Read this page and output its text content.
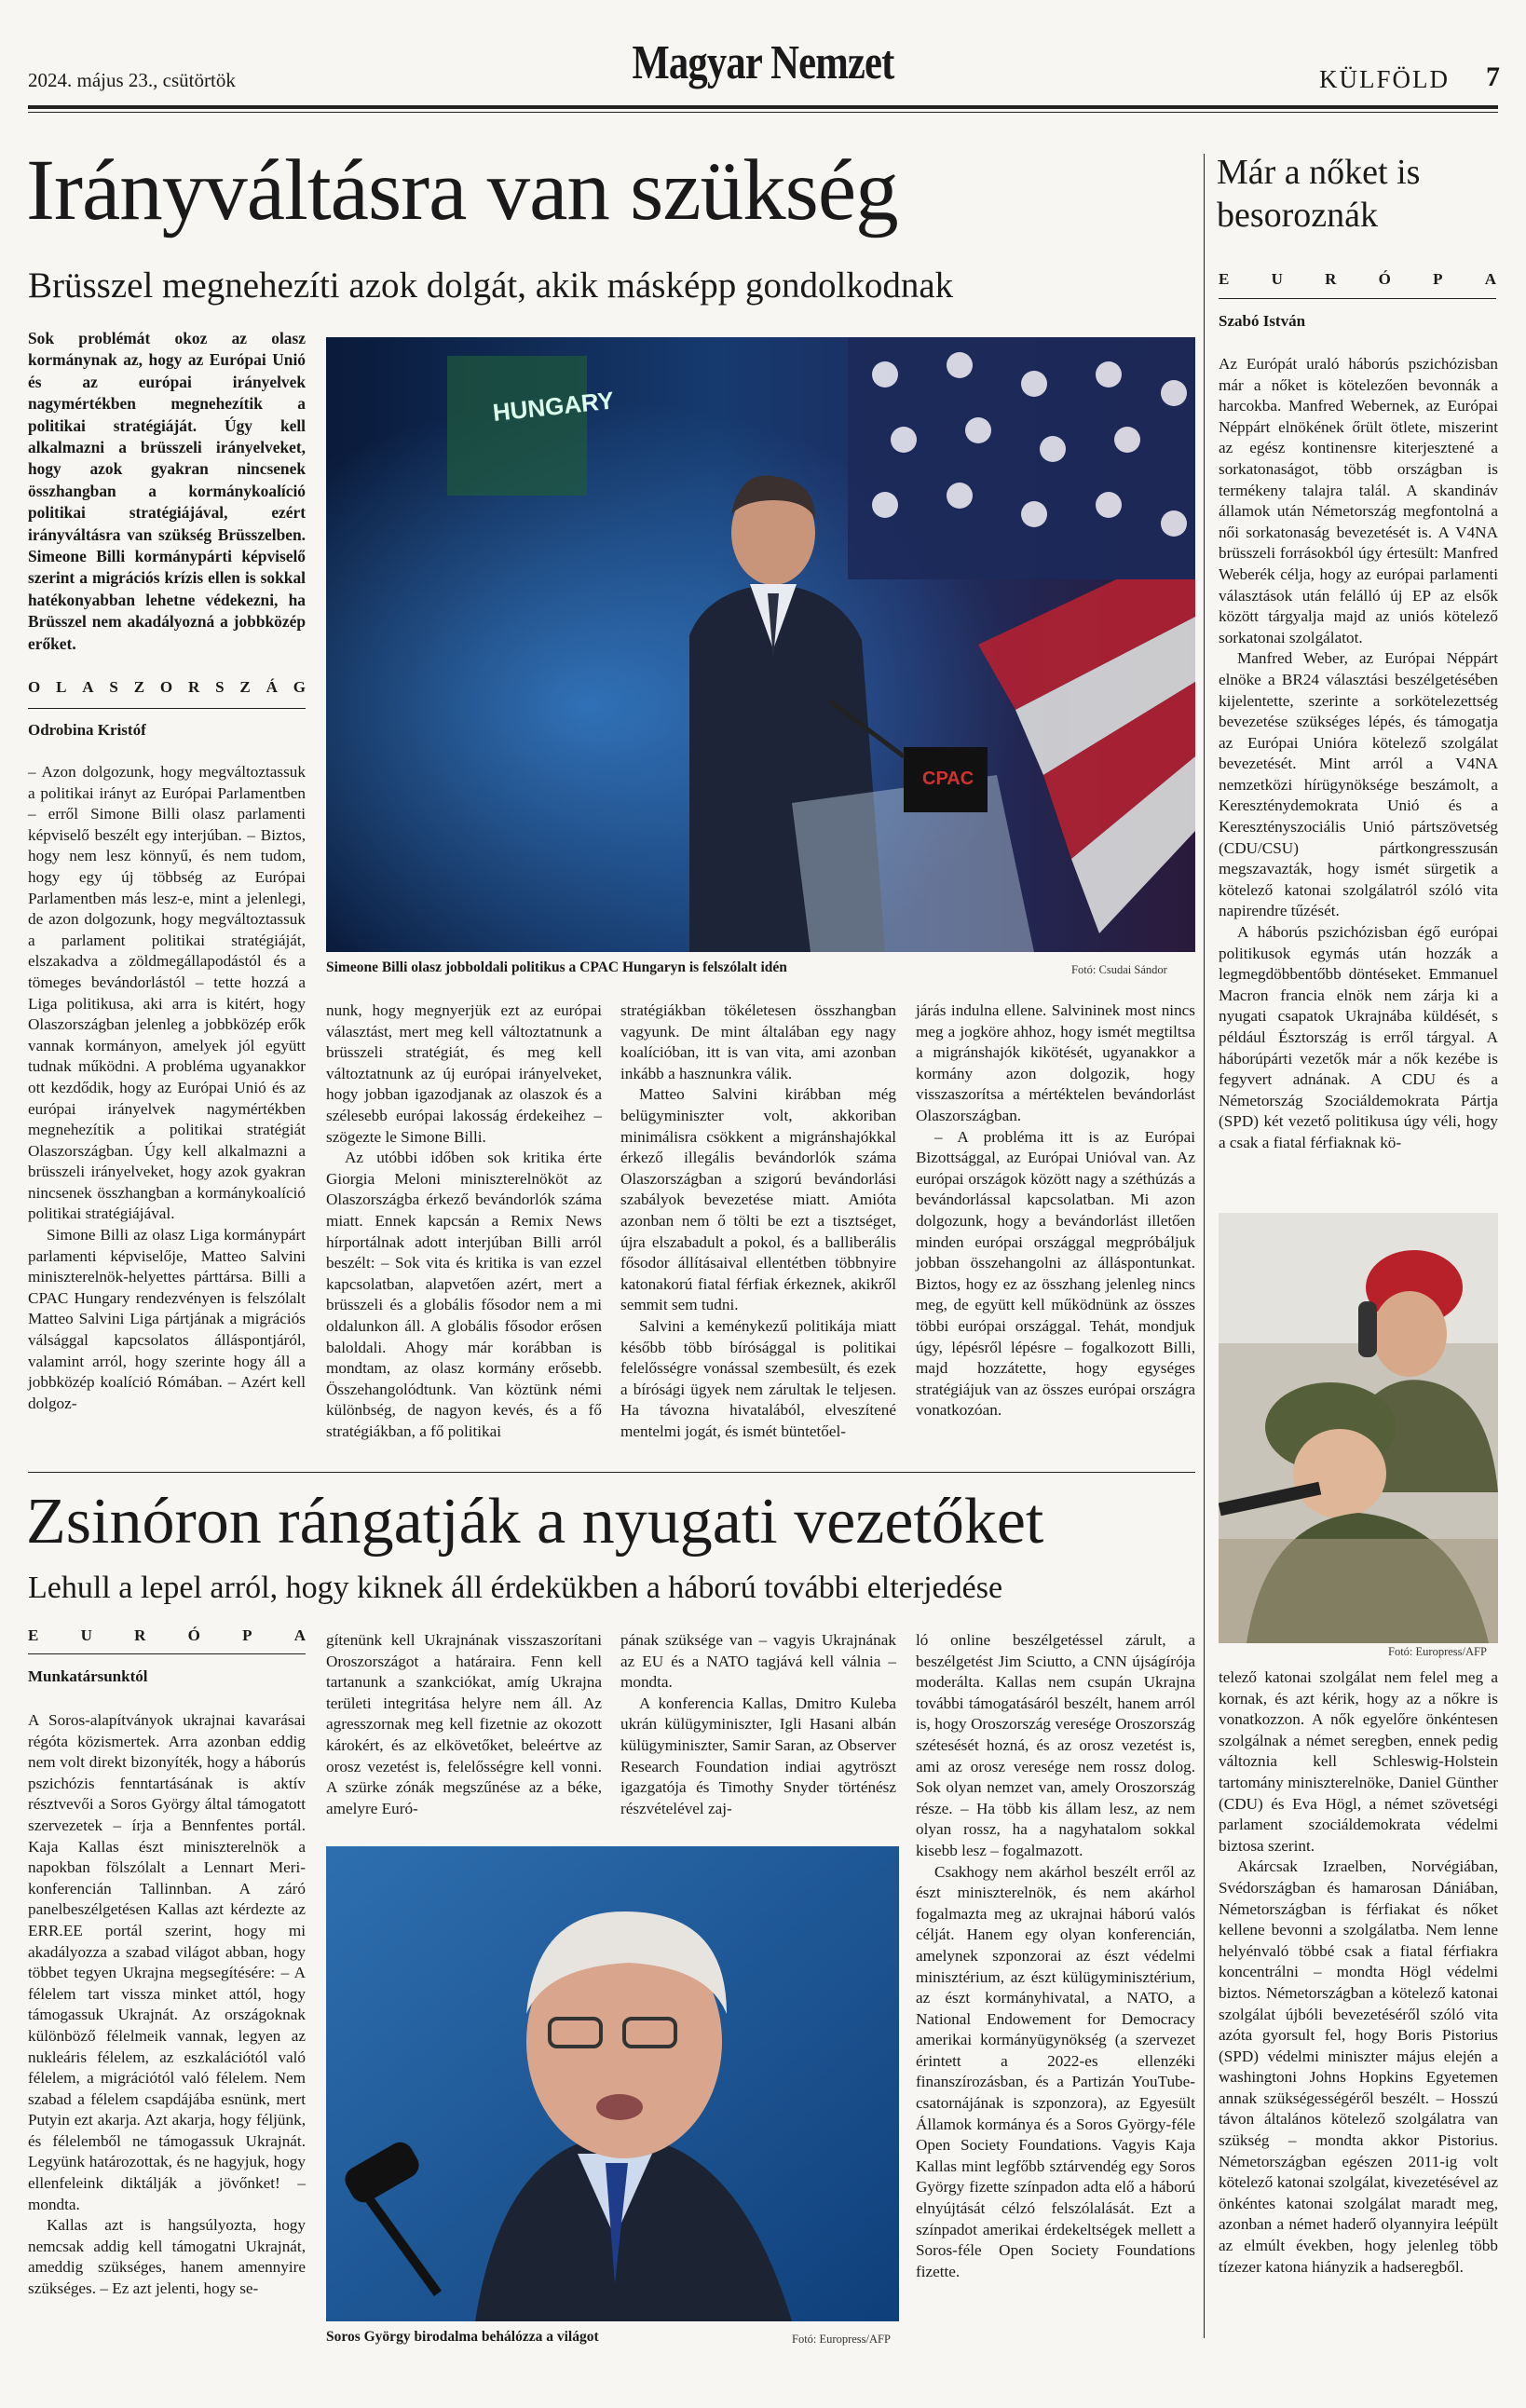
2024. május 23., csütörtök	Magyar Nemzet	KÜLFÖLD 7
Irányváltásra van szükség
Brüsszel megnehezíti azok dolgát, akik másképp gondolkodnak
Sok problémát okoz az olasz kormánynak az, hogy az Európai Unió és az európai irányelvek nagymértékben megnehezítik a politikai stratégiáját. Úgy kell alkalmazni a brüsszeli irányelveket, hogy azok gyakran nincsenek összhangban a kormánykoalíció politikai stratégiájával, ezért irányváltásra van szükség Brüsszelben. Simeone Billi kormánypárti képviselő szerint a migrációs krízis ellen is sokkal hatékonyabban lehetne védekezni, ha Brüsszel nem akadályozná a jobbközép erőket.
O L A S Z O R S Z Á G
Odrobina Kristóf

– Azon dolgozunk, hogy megváltoztassuk a politikai irányt az Európai Parlamentben – erről Simone Billi olasz parlamenti képviselő beszélt egy interjúban. – Biztos, hogy nem lesz könnyű, és nem tudom, hogy egy új többség az Európai Parlamentben más lesz-e, mint a jelenlegi, de azon dolgozunk, hogy megváltoztassuk a parlament politikai stratégiáját, elszakadva a zöldmegállapodástól és a tömeges bevándorlástól – tette hozzá a Liga politikusa, aki arra is kitért, hogy Olaszországban jelenleg a jobbközép erők vannak kormányon, amelyek jól együtt tudnak működni. A probléma ugyanakkor ott kezdődik, hogy az Európai Unió és az európai irányelvek nagymértékben megnehezítik a politikai stratégiát Olaszországban. Úgy kell alkalmazni a brüsszeli irányelveket, hogy azok gyakran nincsenek összhangban a kormánykoalíció politikai stratégiájával.

Simone Billi az olasz Liga kormánypárt parlamenti képviselője, Matteo Salvini miniszterelnök-helyettes párttársa. Billi a CPAC Hungary rendezvényen is felszólalt Matteo Salvini Liga pártjának a migrációs válsággal kapcsolatos álláspontjáról, valamint arról, hogy szerinte hogy áll a jobbközép koalíció Rómában. – Azért kell dolgoz-

HUNGARY
CPAC
Simeone Billi olasz jobboldali politikus a CPAC Hungaryn is felszólalt idén	Fotó: Csudai Sándor

nunk, hogy megnyerjük ezt az európai választást, mert meg kell változtatnunk a brüsszeli stratégiát, és meg kell változtatnunk az új európai irányelveket, hogy jobban igazodjanak az olaszok és a szélesebb európai lakosság érdekeihez – szögezte le Simone Billi.

Az utóbbi időben sok kritika érte Giorgia Meloni miniszterelnököt az Olaszországba érkező bevándorlók száma miatt. Ennek kapcsán a Remix News hírportálnak adott interjúban Billi arról beszélt: – Sok vita és kritika is van ezzel kapcsolatban, alapvetően azért, mert a brüsszeli és a globális fősodor nem a mi oldalunkon áll. A globális fősodor erősen baloldali. Ahogy már korábban is mondtam, az olasz kormány erősebb. Összehangolódtunk. Van köztünk némi különbség, de nagyon kevés, és a fő stratégiákban, a fő politikai

stratégiákban tökéletesen összhangban vagyunk. De mint általában egy nagy koalícióban, itt is van vita, ami azonban inkább a hasznunkra válik.

Matteo Salvini kirábban még belügyminiszter volt, akkoriban minimálisra csökkent a migránshajókkal érkező illegális bevándorlók száma Olaszországban a szigorú bevándorlási szabályok bevezetése miatt. Amióta azonban nem ő tölti be ezt a tisztséget, újra elszabadult a pokol, és a balliberális fősodor állításaival ellentétben többnyire katonakorú fiatal férfiak érkeznek, akikről semmit sem tudni.

Salvini a keménykezű politikája miatt később több bírósággal is politikai felelősségre vonással szembesült, és ezek a bírósági ügyek nem zárultak le teljesen. Ha távozna hivatalából, elveszítené mentelmi jogát, és ismét büntetőel-

járás indulna ellene. Salvininek most nincs meg a jogköre ahhoz, hogy ismét megtiltsa a migránshajók kikötését, ugyanakkor a kormány azon dolgozik, hogy visszaszorítsa a mértéktelen bevándorlást Olaszországban.

– A probléma itt is az Európai Bizottsággal, az Európai Unióval van. Az európai országok között nagy a széthúzás a bevándorlással kapcsolatban. Mi azon dolgozunk, hogy a bevándorlást illetően minden európai országgal megpróbáljuk jobban összehangolni az álláspontunkat. Biztos, hogy ez az összhang jelenleg nincs meg, de együtt kell működnünk az összes többi európai országgal. Tehát, mondjuk úgy, lépésről lépésre – fogalkozott Billi, majd hozzátette, hogy egységes stratégiájuk van az összes európai országra vonatkozóan.

Már a nőket is besoroznák
E	U	R	Ó	P	A
Szabó István

Az Európát uraló háborús pszichózisban már a nőket is kötelezően bevonnák a harcokba. Manfred Webernek, az Európai Néppárt elnökének őrült ötlete, miszerint az egész kontinensre kiterjesztené a sorkatonaságot, több országban is termékeny talajra talál. A skandináv államok után Németország megfontolná a női sorkatonaság bevezetését is. A V4NA brüsszeli forrásokból úgy értesült: Manfred Weberék célja, hogy az európai parlamenti választások után felálló új EP az elsők között tárgyalja majd az uniós kötelező sorkatonai szolgálatot.

Manfred Weber, az Európai Néppárt elnöke a BR24 választási beszélgetésében kijelentette, szerinte a sorkötelezettség bevezetése szükséges lépés, és támogatja az Európai Unióra kötelező szolgálat bevezetését. Mint arról a V4NA nemzetközi hírügynöksége beszámolt, a Kereszténydemokrata Unió és a Keresztényszociális Unió pártszövetség (CDU/CSU) pártkongresszusán megszavazták, hogy ismét sürgetik a kötelező katonai szolgálatról szóló vita napirendre tűzését.

A háborús pszichózisban égő európai politikusok egymás után hozzák a legmegdöbbentőbb döntéseket. Emmanuel Macron francia elnök nem zárja ki a nyugati csapatok Ukrajnába küldését, s például Észtország is erről tárgyal. A háborúpárti vezetők már a nők kezébe is fegyvert adnának. A CDU és a Németország Szociáldemokrata Pártja (SPD) két vezető politikusa úgy véli, hogy a csak a fiatal férfiaknak kö-

Fotó: Europress/AFP

telező katonai szolgálat nem felel meg a kornak, és azt kérik, hogy az a nőkre is vonatkozzon. A nők egyelőre önkéntesen szolgálnak a német seregben, ennek pedig változnia kell Schleswig-Holstein tartomány miniszterelnöke, Daniel Günther (CDU) és Eva Högl, a német szövetségi parlament szociáldemokrata védelmi biztosa szerint.

Akárcsak Izraelben, Norvégiában, Svédországban és hamarosan Dániában, Németországban is férfiakat és nőket kellene bevonni a szolgálatba. Nem lenne helyénvaló többé csak a fiatal férfiakra koncentrálni – mondta Högl védelmi biztos. Németországban a kötelező katonai szolgálat újbóli bevezetéséről szóló vita azóta gyorsult fel, hogy Boris Pistorius (SPD) védelmi miniszter május elején a washingtoni Johns Hopkins Egyetemen annak szükségességéről beszélt. – Hosszú távon általános kötelező szolgálatra van szükség – mondta akkor Pistorius. Németországban egészen 2011-ig volt kötelező katonai szolgálat, kivezetésével az önkéntes katonai szolgálat maradt meg, azonban a német haderő olyannyira leépült az elmúlt években, hogy jelenleg több tízezer katona hiányzik a hadseregből.

Zsinóron rángatják a nyugati vezetőket
Lehull a lepel arról, hogy kiknek áll érdekükben a háború további elterjedése
E	U	R	Ó	P	A
Munkatársunktól

A Soros-alapítványok ukrajnai kavarásai régóta közismertek. Arra azonban eddig nem volt direkt bizonyíték, hogy a háborús pszichózis fenntartásának is aktív résztvevői a Soros György által támogatott szervezetek – írja a Bennfentes portál. Kaja Kallas észt miniszterelnök a napokban fölszólalt a Lennart Meri-konferencián Tallinnban. A záró panelbeszélgetésen Kallas azt kérdezte az ERR.EE portál szerint, hogy mi akadályozza a szabad világot abban, hogy többet tegyen Ukrajna megsegítésére: – A félelem tart vissza minket attól, hogy támogassuk Ukrajnát. Az országoknak különböző félelmeik vannak, legyen az nukleáris félelem, az eszkalációtól való félelem, a migrációtól való félelem. Nem szabad a félelem csapdájába esnünk, mert Putyin ezt akarja. Azt akarja, hogy féljünk, és félelemből ne támogassuk Ukrajnát. Legyünk határozottak, és ne hagyjuk, hogy ellenfeleink diktálják a jövőnket! – mondta.

Kallas azt is hangsúlyozta, hogy nemcsak addig kell támogatni Ukrajnát, ameddig szükséges, hanem amennyire szükséges. – Ez azt jelenti, hogy se-

gítenünk kell Ukrajnának visszaszorítani Oroszországot a határaira. Fenn kell tartanunk a szankciókat, amíg Ukrajna területi integritása helyre nem áll. Az agresszornak meg kell fizetnie az okozott károkért, és az elkövetőket, beleértve az orosz vezetést is, felelősségre kell vonni. A szürke zónák megszűnése az a béke, amelyre Euró-

pának szüksége van – vagyis Ukrajnának az EU és a NATO tagjává kell válnia – mondta.

A konferencia Kallas, Dmitro Kuleba ukrán külügyminiszter, Igli Hasani albán külügyminiszter, Samir Saran, az Observer Research Foundation indiai agytröszt igazgatója és Timothy Snyder történész részvételével zaj-

ló online beszélgetéssel zárult, a beszélgetést Jim Sciutto, a CNN újságírója moderálta. Kallas nem csupán Ukrajna további támogatásáról beszélt, hanem arról is, hogy Oroszország veresége Oroszország szétesését hozná, és az orosz vezetést is, ami az orosz veresége nem rossz dolog. Sok olyan nemzet van, amely Oroszország része. – Ha több kis állam lesz, az nem olyan rossz, ha a nagyhatalom sokkal kisebb lesz – fogalmazott.

Csakhogy nem akárhol beszélt erről az észt miniszterelnök, és nem akárhol fogalmazta meg az ukrajnai háború valós célját. Hanem egy olyan konferencián, amelynek szponzorai az észt védelmi minisztérium, az észt külügyminisztérium, az észt kormányhivatal, a NATO, a National Endowement for Democracy amerikai kormányügynökség (a szervezet érintett a 2022-es ellenzéki finanszírozásban, és a Partizán YouTube-csatornájának is szponzora), az Egyesült Államok kormánya és a Soros György-féle Open Society Foundations. Vagyis Kaja Kallas mint legfőbb sztárvendég egy Soros György fizette színpadon adta elő a háború elnyújtását célzó felszólalását. Ezt a színpadot amerikai érdekeltségek mellett a Soros-féle Open Society Foundations fizette.

Soros György birodalma behálózza a világot	Fotó: Europress/AFP
